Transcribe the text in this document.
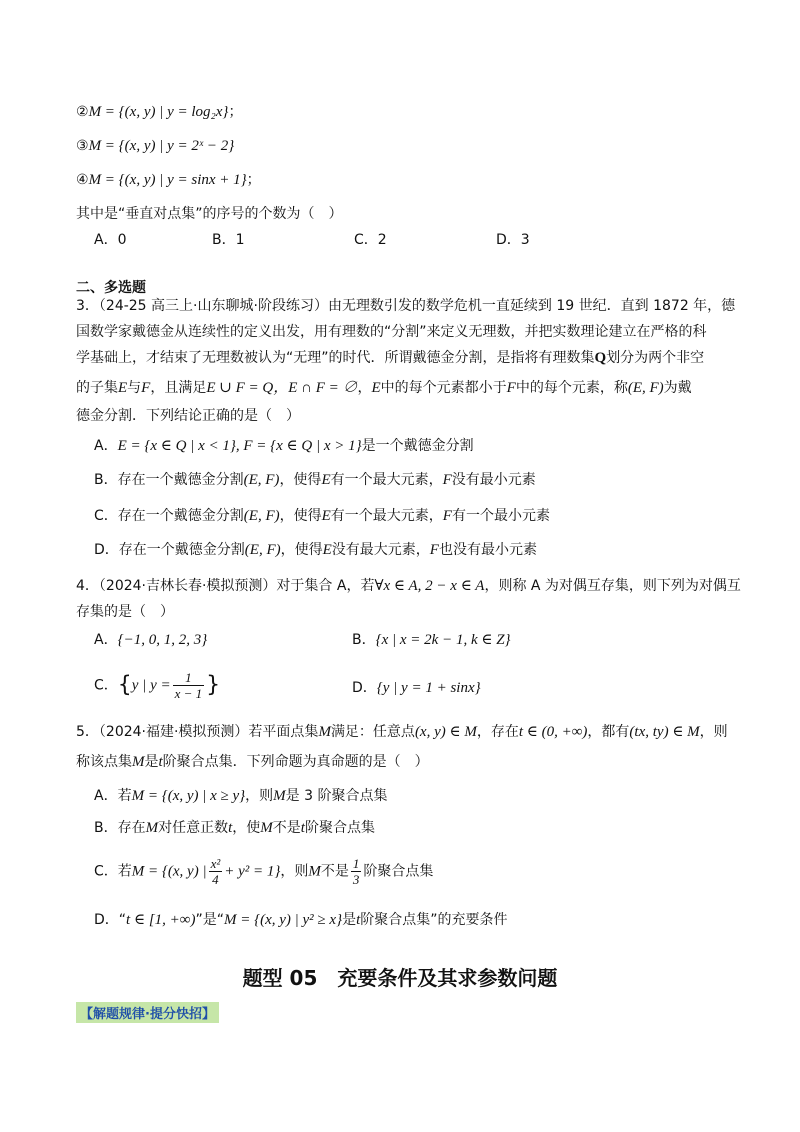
②M = {(x, y) | y = log₂x}；
③M = {(x, y) | y = 2ˣ − 2}
④M = {(x, y) | y = sinx + 1}；
其中是“垂直对点集”的序号的个数为（　）
A．0	B．1	C．2	D．3
二、多选题
3．（24-25 高三上·山东聊城·阶段练习）由无理数引发的数学危机一直延续到 19 世纪．直到 1872 年，德
国数学家戴德金从连续性的定义出发，用有理数的“分割”来定义无理数，并把实数理论建立在严格的科
学基础上，才结束了无理数被认为“无理”的时代．所谓戴德金分割，是指将有理数集Q划分为两个非空
的子集E与F，且满足E ∪ F = Q，E ∩ F = ∅，E中的每个元素都小于F中的每个元素，称(E, F)为戴
德金分割．下列结论正确的是（　）
A．E = {x ∈ Q | x < 1}, F = {x ∈ Q | x > 1}是一个戴德金分割
B．存在一个戴德金分割(E, F)，使得E有一个最大元素，F没有最小元素
C．存在一个戴德金分割(E, F)，使得E有一个最大元素，F有一个最小元素
D．存在一个戴德金分割(E, F)，使得E没有最大元素，F也没有最小元素
4．（2024·吉林长春·模拟预测）对于集合 A，若∀x ∈ A, 2 − x ∈ A，则称 A 为对偶互存集，则下列为对偶互
存集的是（　）
A．{−1, 0, 1, 2, 3}	B．{x | x = 2k − 1, k ∈ Z}
C．{y | $y = \frac{1}{x - 1}$ }	D．{y | y = 1 + sinx}
5．（2024·福建·模拟预测）若平面点集M满足：任意点(x, y) ∈ M，存在t ∈ (0, +∞)，都有(tx, ty) ∈ M，则
称该点集M是t阶聚合点集．下列命题为真命题的是（　）
A．若M = {(x, y) | x ≥ y}，则M是 3 阶聚合点集
B．存在M对任意正数t，使M不是t阶聚合点集
C．若M = {(x, y) | $\frac{\text{x²}}{4} + y^2 = 1$}，则M不是 $\frac{1}{3}$ 阶聚合点集
D．“t ∈ [1, +∞)”是“M = {(x, y) | y² ≥ x}是t阶聚合点集”的充要条件
题型 05　充要条件及其求参数问题
【解题规律·提分快招】
